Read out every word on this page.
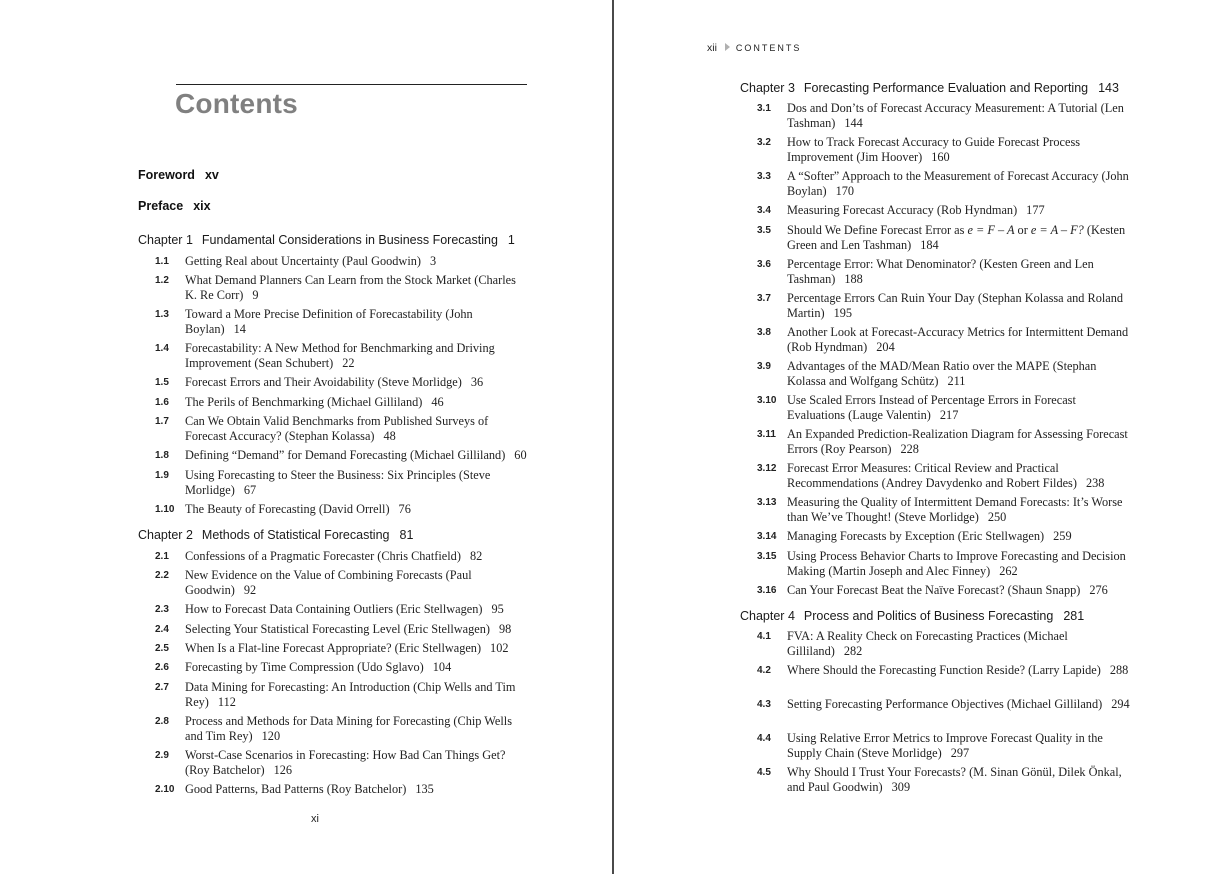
Contents
Foreword xv
Preface xix
Chapter 1 Fundamental Considerations in Business Forecasting 1
1.1 Getting Real about Uncertainty (Paul Goodwin) 3
1.2 What Demand Planners Can Learn from the Stock Market (Charles K. Re Corr) 9
1.3 Toward a More Precise Definition of Forecastability (John Boylan) 14
1.4 Forecastability: A New Method for Benchmarking and Driving Improvement (Sean Schubert) 22
1.5 Forecast Errors and Their Avoidability (Steve Morlidge) 36
1.6 The Perils of Benchmarking (Michael Gilliland) 46
1.7 Can We Obtain Valid Benchmarks from Published Surveys of Forecast Accuracy? (Stephan Kolassa) 48
1.8 Defining “Demand” for Demand Forecasting (Michael Gilliland) 60
1.9 Using Forecasting to Steer the Business: Six Principles (Steve Morlidge) 67
1.10 The Beauty of Forecasting (David Orrell) 76
Chapter 2 Methods of Statistical Forecasting 81
2.1 Confessions of a Pragmatic Forecaster (Chris Chatfield) 82
2.2 New Evidence on the Value of Combining Forecasts (Paul Goodwin) 92
2.3 How to Forecast Data Containing Outliers (Eric Stellwagen) 95
2.4 Selecting Your Statistical Forecasting Level (Eric Stellwagen) 98
2.5 When Is a Flat-line Forecast Appropriate? (Eric Stellwagen) 102
2.6 Forecasting by Time Compression (Udo Sglavo) 104
2.7 Data Mining for Forecasting: An Introduction (Chip Wells and Tim Rey) 112
2.8 Process and Methods for Data Mining for Forecasting (Chip Wells and Tim Rey) 120
2.9 Worst-Case Scenarios in Forecasting: How Bad Can Things Get? (Roy Batchelor) 126
2.10 Good Patterns, Bad Patterns (Roy Batchelor) 135
xi
xii CONTENTS
Chapter 3 Forecasting Performance Evaluation and Reporting 143
3.1 Dos and Don’ts of Forecast Accuracy Measurement: A Tutorial (Len Tashman) 144
3.2 How to Track Forecast Accuracy to Guide Forecast Process Improvement (Jim Hoover) 160
3.3 A “Softer” Approach to the Measurement of Forecast Accuracy (John Boylan) 170
3.4 Measuring Forecast Accuracy (Rob Hyndman) 177
3.5 Should We Define Forecast Error as e = F – A or e = A – F? (Kesten Green and Len Tashman) 184
3.6 Percentage Error: What Denominator? (Kesten Green and Len Tashman) 188
3.7 Percentage Errors Can Ruin Your Day (Stephan Kolassa and Roland Martin) 195
3.8 Another Look at Forecast-Accuracy Metrics for Intermittent Demand (Rob Hyndman) 204
3.9 Advantages of the MAD/Mean Ratio over the MAPE (Stephan Kolassa and Wolfgang Schütz) 211
3.10 Use Scaled Errors Instead of Percentage Errors in Forecast Evaluations (Lauge Valentin) 217
3.11 An Expanded Prediction-Realization Diagram for Assessing Forecast Errors (Roy Pearson) 228
3.12 Forecast Error Measures: Critical Review and Practical Recommendations (Andrey Davydenko and Robert Fildes) 238
3.13 Measuring the Quality of Intermittent Demand Forecasts: It’s Worse than We’ve Thought! (Steve Morlidge) 250
3.14 Managing Forecasts by Exception (Eric Stellwagen) 259
3.15 Using Process Behavior Charts to Improve Forecasting and Decision Making (Martin Joseph and Alec Finney) 262
3.16 Can Your Forecast Beat the Naïve Forecast? (Shaun Snapp) 276
Chapter 4 Process and Politics of Business Forecasting 281
4.1 FVA: A Reality Check on Forecasting Practices (Michael Gilliland) 282
4.2 Where Should the Forecasting Function Reside? (Larry Lapide) 288
4.3 Setting Forecasting Performance Objectives (Michael Gilliland) 294
4.4 Using Relative Error Metrics to Improve Forecast Quality in the Supply Chain (Steve Morlidge) 297
4.5 Why Should I Trust Your Forecasts? (M. Sinan Gönül, Dilek Önkal, and Paul Goodwin) 309
